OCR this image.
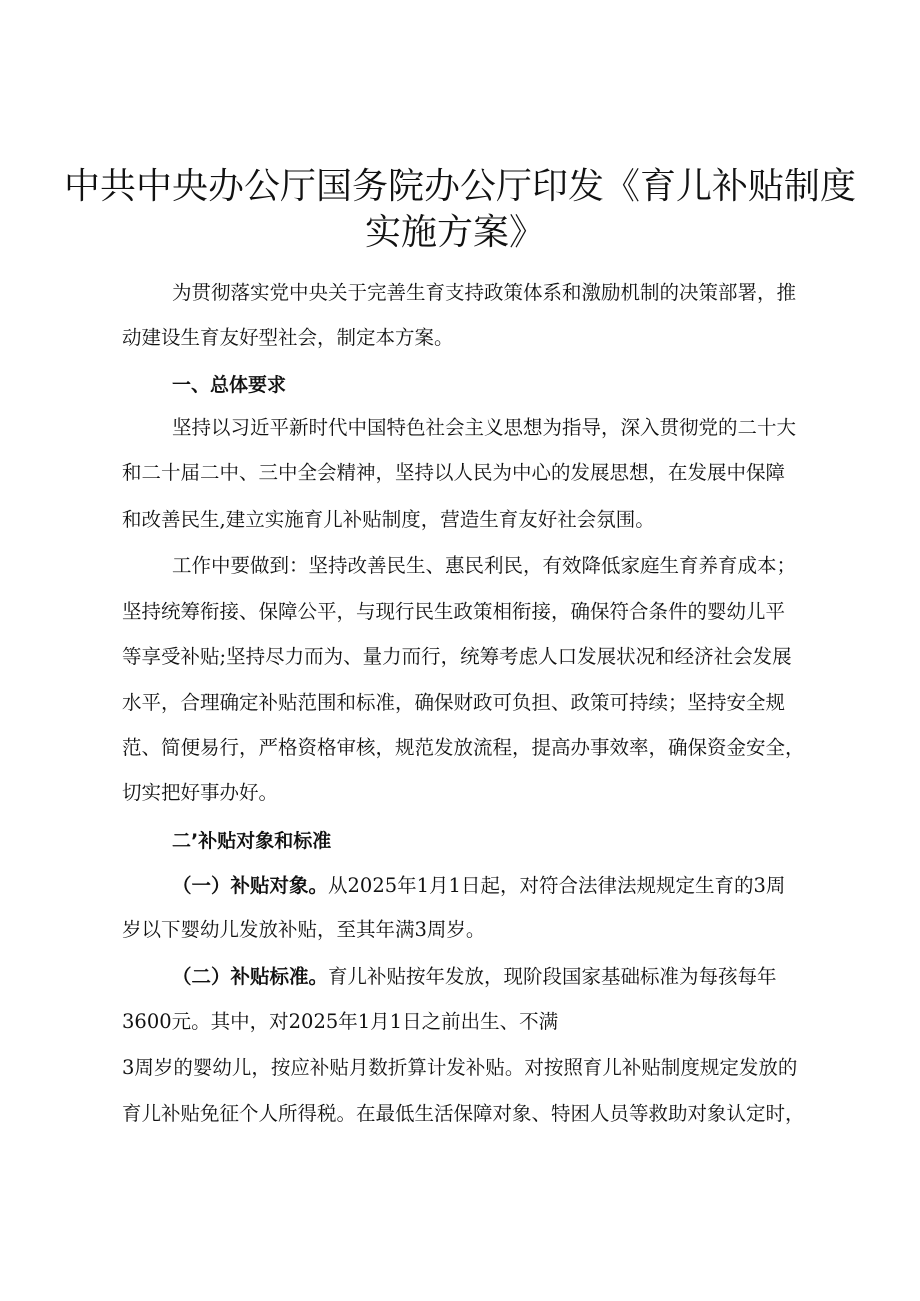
中共中央办公厅国务院办公厅印发《育儿补贴制度
实施方案》

为贯彻落实党中央关于完善生育支持政策体系和激励机制的决策部署，推

动建设生育友好型社会，制定本方案。

一、总体要求

坚持以习近平新时代中国特色社会主义思想为指导，深入贯彻党的二十大

和二十届二中、三中全会精神，坚持以人民为中心的发展思想，在发展中保障

和改善民生,建立实施育儿补贴制度，营造生育友好社会氛围。

工作中要做到：坚持改善民生、惠民利民，有效降低家庭生育养育成本；

坚持统筹衔接、保障公平，与现行民生政策相衔接，确保符合条件的婴幼儿平

等享受补贴;坚持尽力而为、量力而行，统筹考虑人口发展状况和经济社会发展

水平，合理确定补贴范围和标准，确保财政可负担、政策可持续；坚持安全规

范、简便易行，严格资格审核，规范发放流程，提高办事效率，确保资金安全，

切实把好事办好。

二’补贴对象和标准

（一）补贴对象。从2025年1月1日起，对符合法律法规规定生育的3周

岁以下婴幼儿发放补贴，至其年满3周岁。

（二）补贴标准。育儿补贴按年发放，现阶段国家基础标准为每孩每年

3600元。其中，对2025年1月1日之前出生、不满

3周岁的婴幼儿，按应补贴月数折算计发补贴。对按照育儿补贴制度规定发放的

育儿补贴免征个人所得税。在最低生活保障对象、特困人员等救助对象认定时，
